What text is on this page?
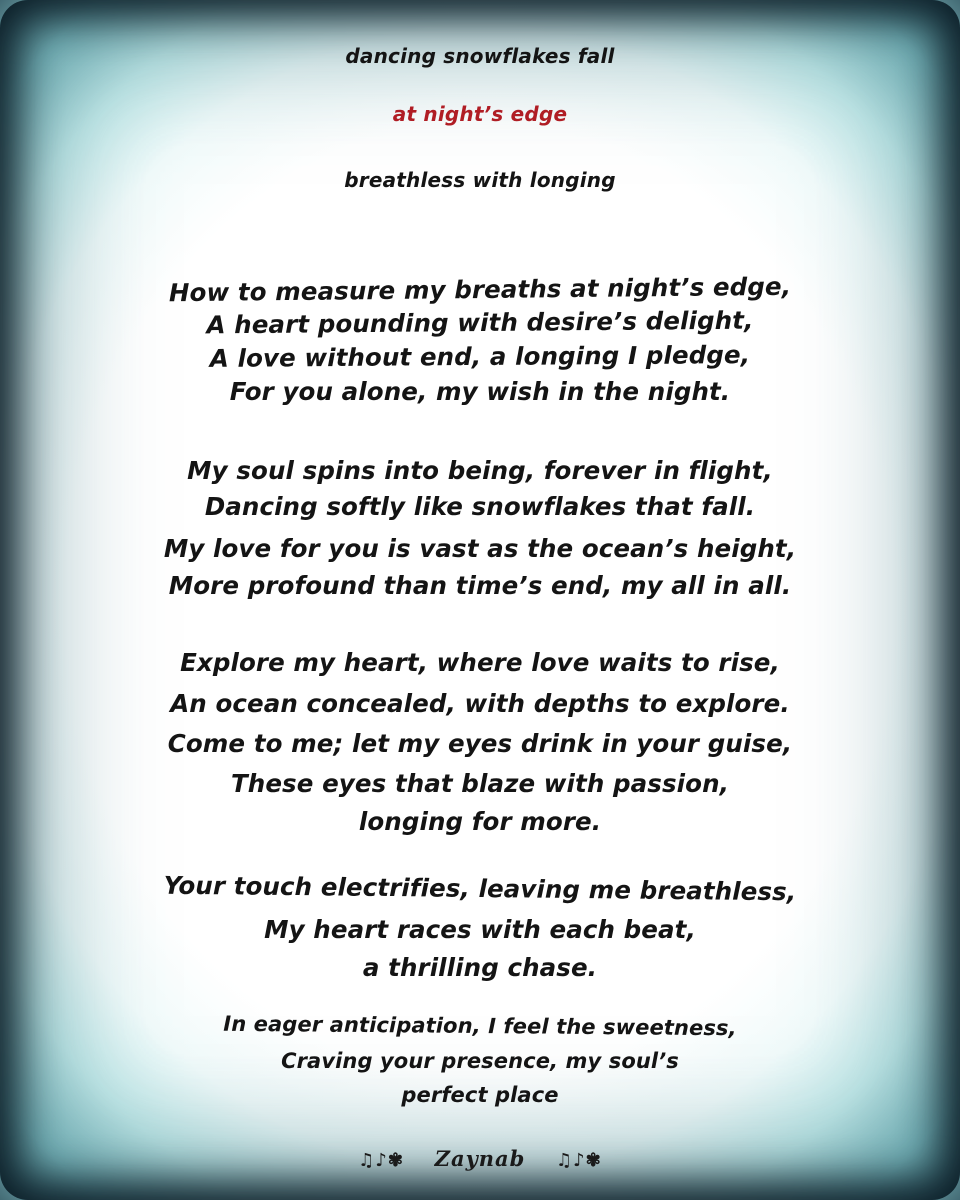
dancing snowflakes fall

at night’s edge

breathless with longing

How to measure my breaths at night’s edge,

A heart pounding with desire’s delight,

A love without end, a longing I pledge,

For you alone, my wish in the night.

My soul spins into being, forever in flight,

Dancing softly like snowflakes that fall.

My love for you is vast as the ocean’s height,

More profound than time’s end, my all in all.

Explore my heart, where love waits to rise,

An ocean concealed, with depths to explore.

Come to me; let my eyes drink in your guise,

These eyes that blaze with passion,

longing for more.

Your touch electrifies, leaving me breathless,

My heart races with each beat,

a thrilling chase.

In eager anticipation, I feel the sweetness,

Craving your presence, my soul’s

perfect place

♫♪✾ Zaynab ♫♪✾
